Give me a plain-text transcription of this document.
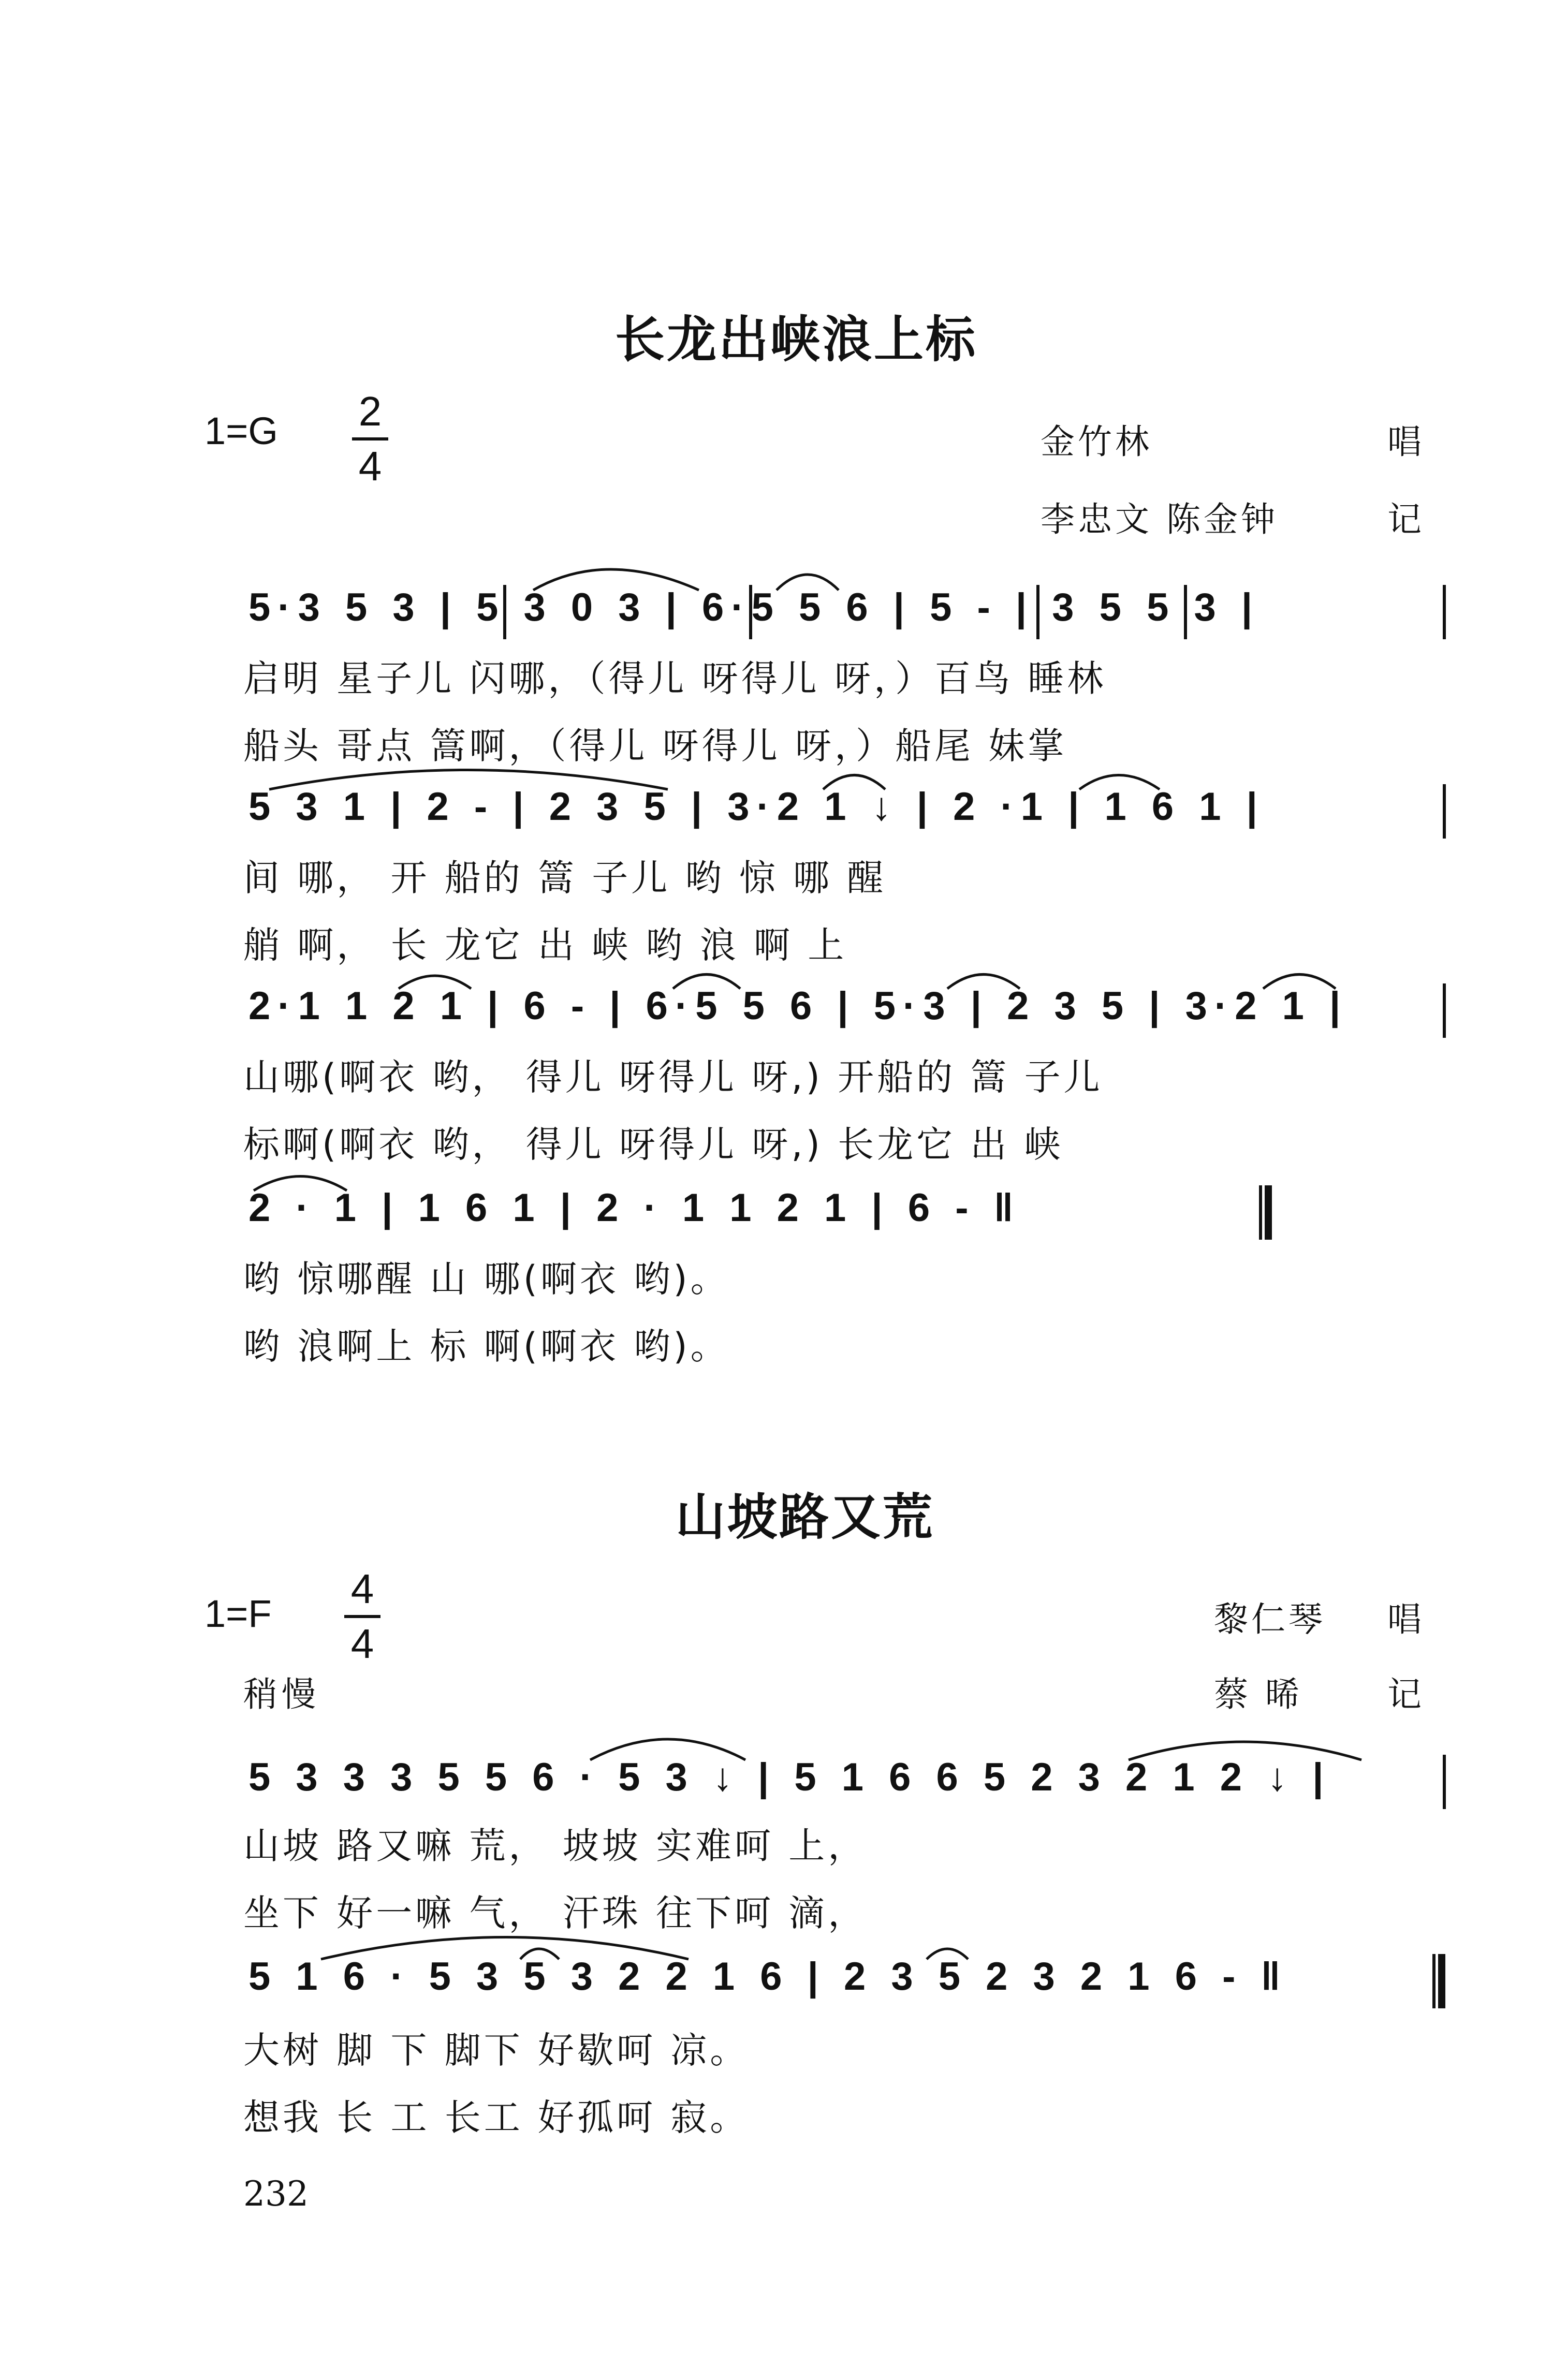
长龙出峡浪上标
1=G 2
4
金竹林	唱
李忠文 陈金钟	记
5·3 5 3 | 5 3 0 3 | 6·5 5 6 | 5 - | 3 5 5 3 |
启明 星子儿 闪哪，（得儿 呀得儿 呀，）百鸟 睡林
船头 哥点 篙啊，（得儿 呀得儿 呀，）船尾 妹掌
5 3 1 | 2 - | 2 3 5 | 3·2 1 ↓ | 2 ·1 | 1 6 1 |
间 哪， 开 船的 篙 子儿 哟 惊 哪 醒
艄 啊， 长 龙它 出 峡 哟 浪 啊 上
2·1 1 2 1 | 6 - | 6·5 5 6 | 5·3 | 2 3 5 | 3·2 1 |
山哪(啊衣 哟， 得儿 呀得儿 呀,) 开船的 篙 子儿
标啊(啊衣 哟， 得儿 呀得儿 呀,) 长龙它 出 峡
2 · 1 | 1 6 1 | 2 · 1 1 2 1 | 6 - ‖
哟 惊哪醒 山 哪(啊衣 哟)。
哟 浪啊上 标 啊(啊衣 哟)。
山坡路又荒
1=F
4
4
黎仁琴 唱
稍慢	蔡 晞 记
5 3 3 3 5 5 6 · 5 3 ↓ | 5 1 6 6 5 2 3 2 1 2 ↓ |
山坡 路又嘛 荒， 坡坡 实难呵 上，
坐下 好一嘛 气， 汗珠 往下呵 滴，
5 1 6 · 5 3 5 3 2 2 1 6 | 2 3 5 2 3 2 1 6 - ‖
大树 脚 下 脚下 好歇呵 凉。
想我 长 工 长工 好孤呵 寂。
232
